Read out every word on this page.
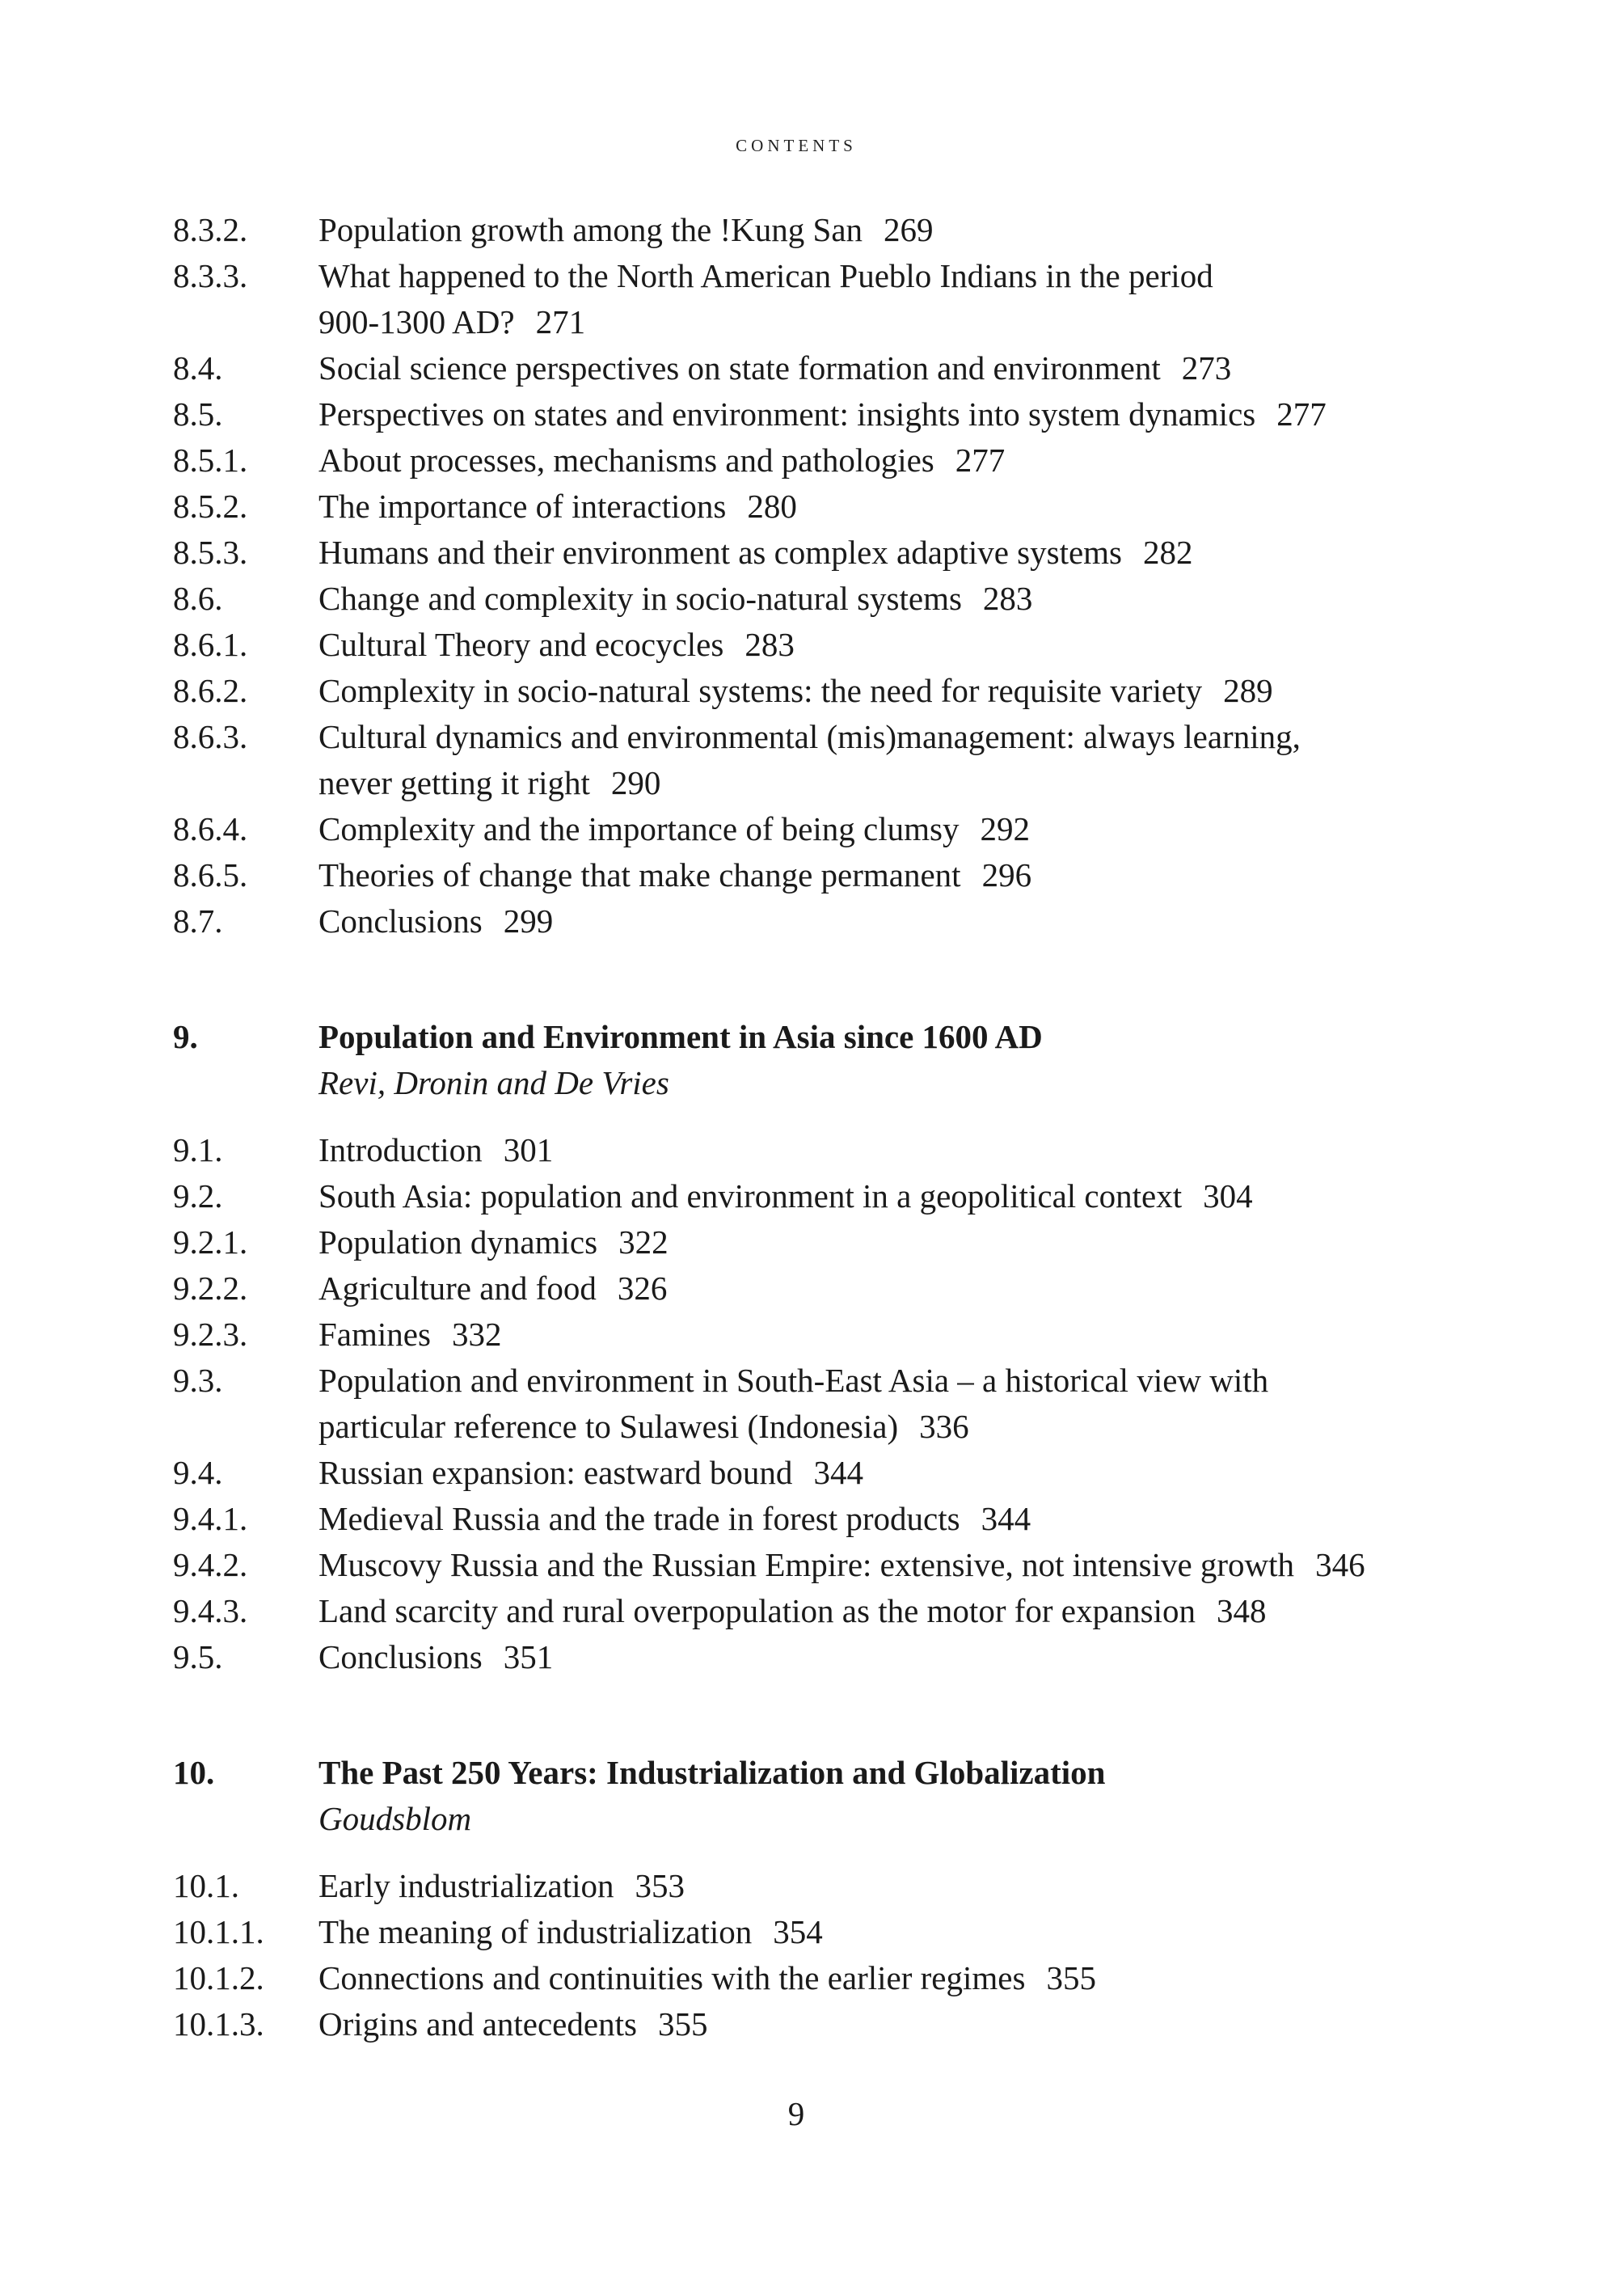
CONTENTS
8.3.2.	Population growth among the !Kung San 269
8.3.3.	What happened to the North American Pueblo Indians in the period
900-1300 AD? 271
8.4.	Social science perspectives on state formation and environment 273
8.5.	Perspectives on states and environment: insights into system dynamics 277
8.5.1.	About processes, mechanisms and pathologies 277
8.5.2.	The importance of interactions 280
8.5.3.	Humans and their environment as complex adaptive systems 282
8.6.	Change and complexity in socio-natural systems 283
8.6.1.	Cultural Theory and ecocycles 283
8.6.2.	Complexity in socio-natural systems: the need for requisite variety 289
8.6.3.	Cultural dynamics and environmental (mis)management: always learning,
never getting it right 290
8.6.4.	Complexity and the importance of being clumsy 292
8.6.5.	Theories of change that make change permanent 296
8.7.	Conclusions 299
9.	Population and Environment in Asia since 1600 AD
Revi, Dronin and De Vries
9.1.	Introduction 301
9.2.	South Asia: population and environment in a geopolitical context 304
9.2.1.	Population dynamics 322
9.2.2.	Agriculture and food 326
9.2.3.	Famines 332
9.3.	Population and environment in South-East Asia – a historical view with
particular reference to Sulawesi (Indonesia) 336
9.4.	Russian expansion: eastward bound 344
9.4.1.	Medieval Russia and the trade in forest products 344
9.4.2.	Muscovy Russia and the Russian Empire: extensive, not intensive growth 346
9.4.3.	Land scarcity and rural overpopulation as the motor for expansion 348
9.5.	Conclusions 351
10.	The Past 250 Years: Industrialization and Globalization
Goudsblom
10.1.	Early industrialization 353
10.1.1.	The meaning of industrialization 354
10.1.2.	Connections and continuities with the earlier regimes 355
10.1.3.	Origins and antecedents 355
9
